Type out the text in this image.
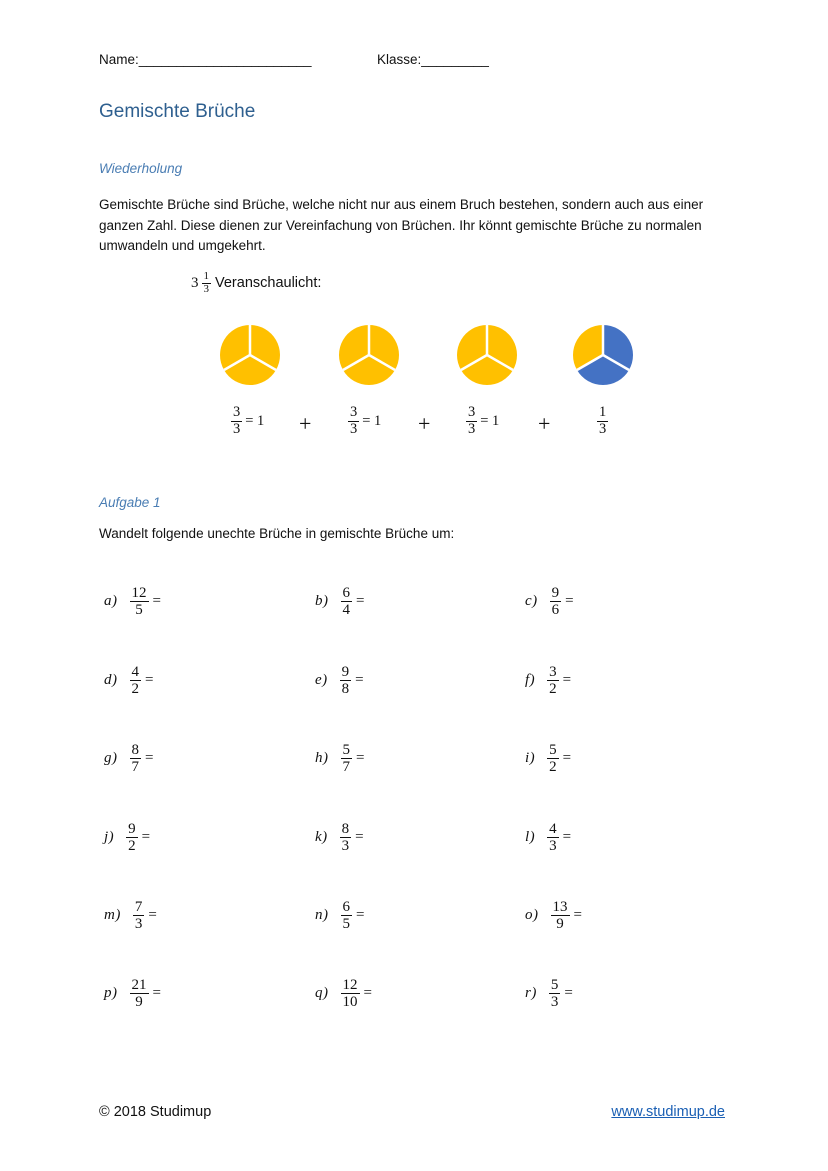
Name:_______________________	Klasse:_________
Gemischte Brüche
Wiederholung
Gemischte Brüche sind Brüche, welche nicht nur aus einem Bruch bestehen, sondern auch aus einer ganzen Zahl. Diese dienen zur Vereinfachung von Brüchen. Ihr könnt gemischte Brüche zu normalen umwandeln und umgekehrt.
$3 \frac{1}{3}$ Veranschaulicht:
$\frac{3}{3} = 1$ +	$\frac{3}{3} = 1 + \frac{3}{3} = 1$ +	$\frac{1}{3}$
Aufgabe 1
Wandelt folgende unechte Brüche in gemischte Brüche um:
$a) \frac{12}{5}$ =	$b) \frac{6}{4}$ =	$c) \frac{9}{6}$ =
$d) \frac{4}{2}$ =	$e) \frac{9}{8}$ =	$f) \frac{3}{2}$ =
$g) \frac{8}{7}$ =	$h) \frac{5}{7}$ =	$i) \frac{5}{2}$ =
$j) \frac{9}{2}$ =	$k) \frac{8}{3}$ =	$l) \frac{4}{3}$ =
$m) \frac{7}{3}$ =	$n) \frac{6}{5}$ =	$o) \frac{13}{9}$ =
$p) \frac{21}{9}$ =	$q) \frac{12}{10}$ =	$r) \frac{5}{3}$ =
© 2018 Studimup	www.studimup.de
